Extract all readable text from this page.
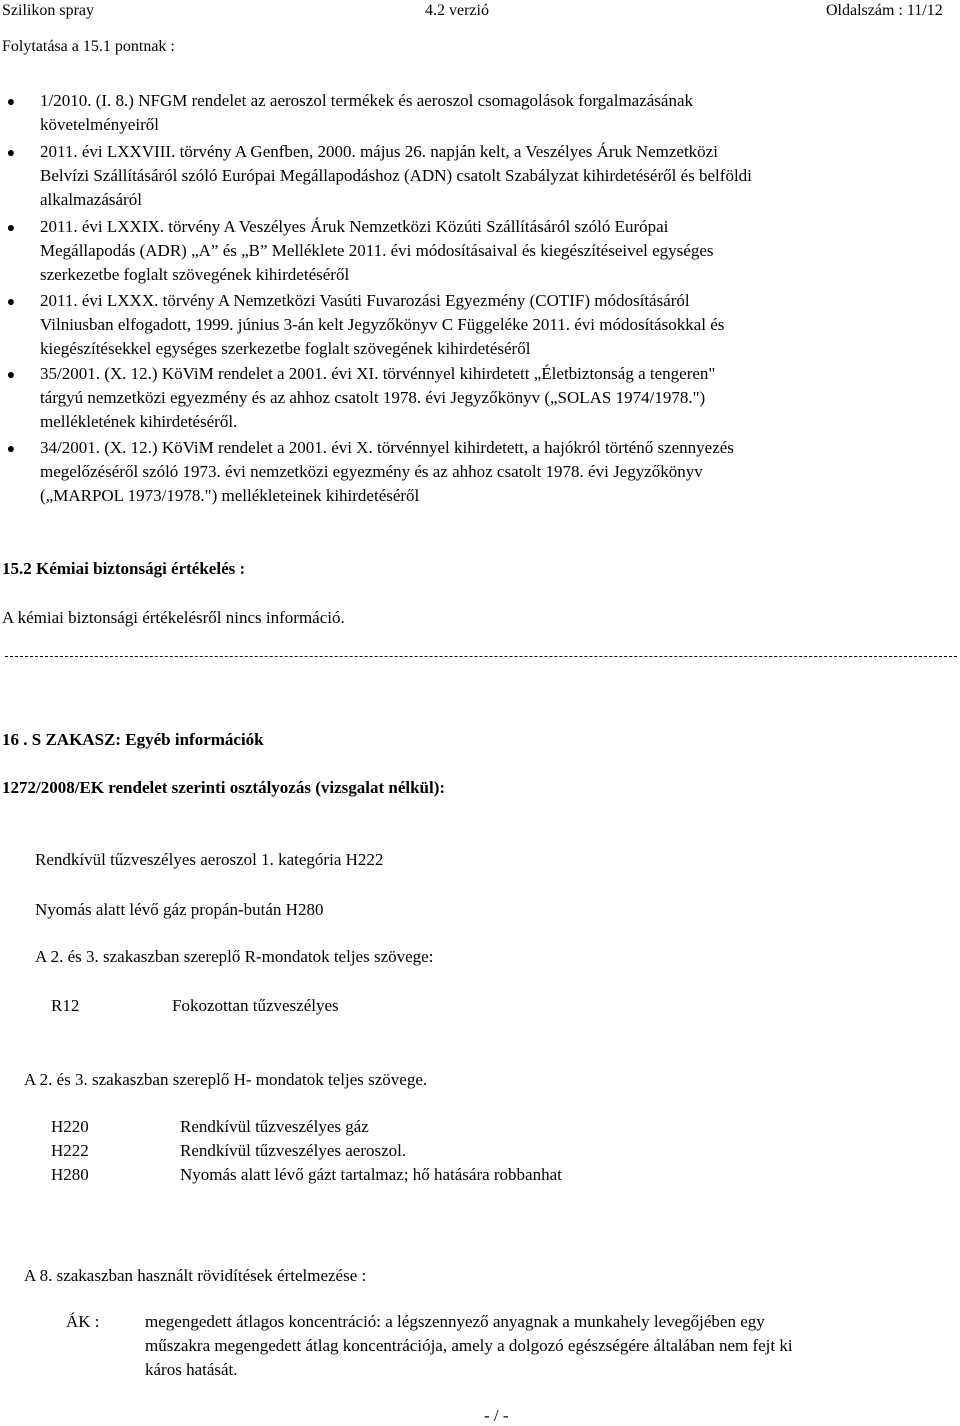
Szilikon spray	4.2 verzió	Oldalszám : 11/12
Folytatása a 15.1 pontnak :
●	1/2010. (I. 8.) NFGM rendelet az aeroszol termékek és aeroszol csomagolások forgalmazásának
követelményeiről
●	2011. évi LXXVIII. törvény A Genfben, 2000. május 26. napján kelt, a Veszélyes Áruk Nemzetközi
Belvízi Szállításáról szóló Európai Megállapodáshoz (ADN) csatolt Szabályzat kihirdetéséről és belföldi
alkalmazásáról
●	2011. évi LXXIX. törvény A Veszélyes Áruk Nemzetközi Közúti Szállításáról szóló Európai
Megállapodás (ADR) „A” és „B” Melléklete 2011. évi módosításaival és kiegészítéseivel egységes
szerkezetbe foglalt szövegének kihirdetéséről
●	2011. évi LXXX. törvény A Nemzetközi Vasúti Fuvarozási Egyezmény (COTIF) módosításáról
Vilniusban elfogadott, 1999. június 3-án kelt Jegyzőkönyv C Függeléke 2011. évi módosításokkal és
kiegészítésekkel egységes szerkezetbe foglalt szövegének kihirdetéséről
●	35/2001. (X. 12.) KöViM rendelet a 2001. évi XI. törvénnyel kihirdetett „Életbiztonság a tengeren"
tárgyú nemzetközi egyezmény és az ahhoz csatolt 1978. évi Jegyzőkönyv („SOLAS 1974/1978.")
mellékletének kihirdetéséről.
●	34/2001. (X. 12.) KöViM rendelet a 2001. évi X. törvénnyel kihirdetett, a hajókról történő szennyezés
megelőzéséről szóló 1973. évi nemzetközi egyezmény és az ahhoz csatolt 1978. évi Jegyzőkönyv
(„MARPOL 1973/1978.") mellékleteinek kihirdetéséről
15.2 Kémiai biztonsági értékelés :
A kémiai biztonsági értékelésről nincs információ.
16 . S ZAKASZ: Egyéb információk
1272/2008/EK rendelet szerinti osztályozás (vizsgalat nélkül):
Rendkívül tűzveszélyes aeroszol 1. kategória H222
Nyomás alatt lévő gáz propán-bután H280
A 2. és 3. szakaszban szereplő R-mondatok teljes szövege:
R12	Fokozottan tűzveszélyes
A 2. és 3. szakaszban szereplő H- mondatok teljes szövege.
H220	Rendkívül tűzveszélyes gáz
H222	Rendkívül tűzveszélyes aeroszol.
H280	Nyomás alatt lévő gázt tartalmaz; hő hatására robbanhat
A 8. szakaszban használt rövidítések értelmezése :
ÁK :	megengedett átlagos koncentráció: a légszennyező anyagnak a munkahely levegőjében egy
műszakra megengedett átlag koncentrációja, amely a dolgozó egészségére általában nem fejt ki
káros hatását.
- / -
